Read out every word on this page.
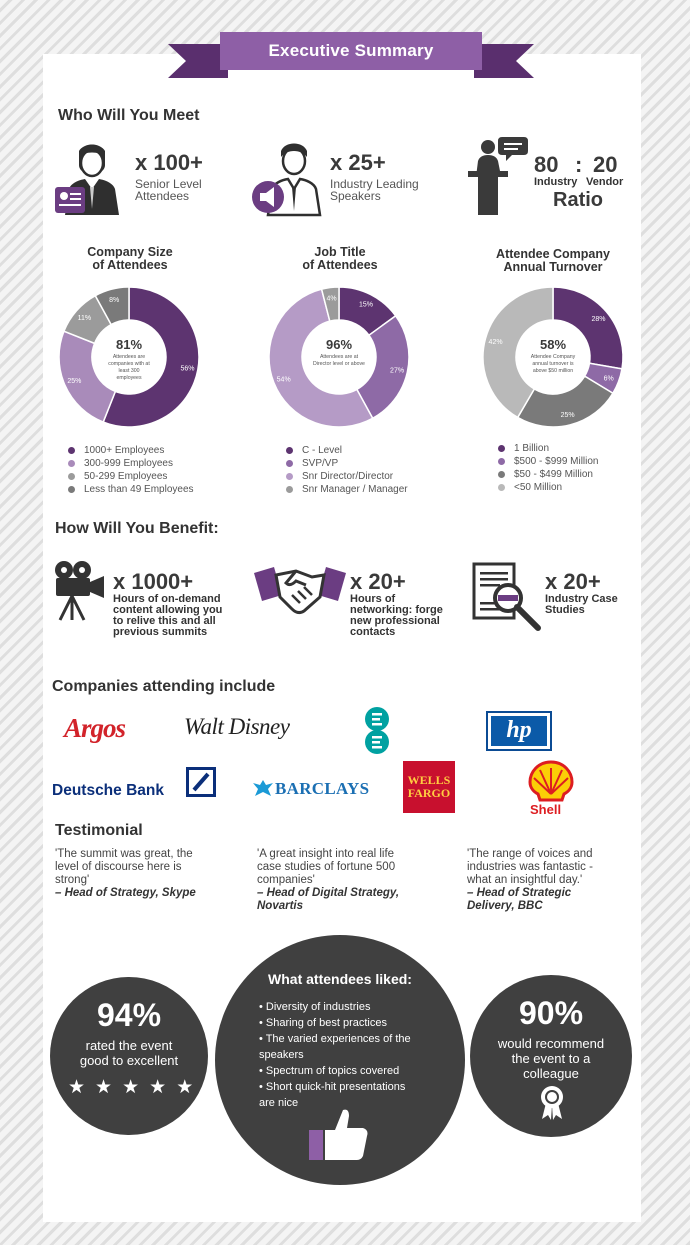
Executive Summary
Who Will You Meet
x 100+
Senior Level
Attendees
x 25+
Industry Leading
Speakers
80 : 20
Industry Vendor
Ratio
Company Size
of Attendees
Job Title
of Attendees
Attendee Company
Annual Turnover
56%
25%
11%
8%
81%
Attendees are
companies with at
least 300
employees
15%
27%
54%
4%
96%
Attendees are at
Director level or above
28%
6%
25%
42%	58%
Attendee Company
annual turnover is
above $50 million
1000+ Employees
300-999 Employees
50-299 Employees
Less than 49 Employees
C - Level
SVP/VP
Snr Director/Director
Snr Manager / Manager
1 Billion
$500 - $999 Million
$50 - $499 Million
<50 Million
How Will You Benefit:
x 1000+
Hours of on-demand
content allowing you
to relive this and all
previous summits
x 20+
Hours of
networking: forge
new professional
contacts
x 20+
Industry Case
Studies
Companies attending include
Argos	Walt Disney	hp
Deutsche Bank	BARCLAYS	WELLS
FARGO
Shell
Testimonial
'The summit was great, the
level of discourse here is
strong'
– Head of Strategy, Skype
'A great insight into real life
case studies of fortune 500
companies'
– Head of Digital Strategy,
Novartis
'The range of voices and
industries was fantastic -
what an insightful day.'
– Head of Strategic
Delivery, BBC
94%
rated the event
good to excellent
★ ★ ★ ★ ★
What attendees liked:
• Diversity of industries
• Sharing of best practices
• The varied experiences of the
speakers
• Spectrum of topics covered
• Short quick-hit presentations
are nice
90%
would recommend
the event to a
colleague
